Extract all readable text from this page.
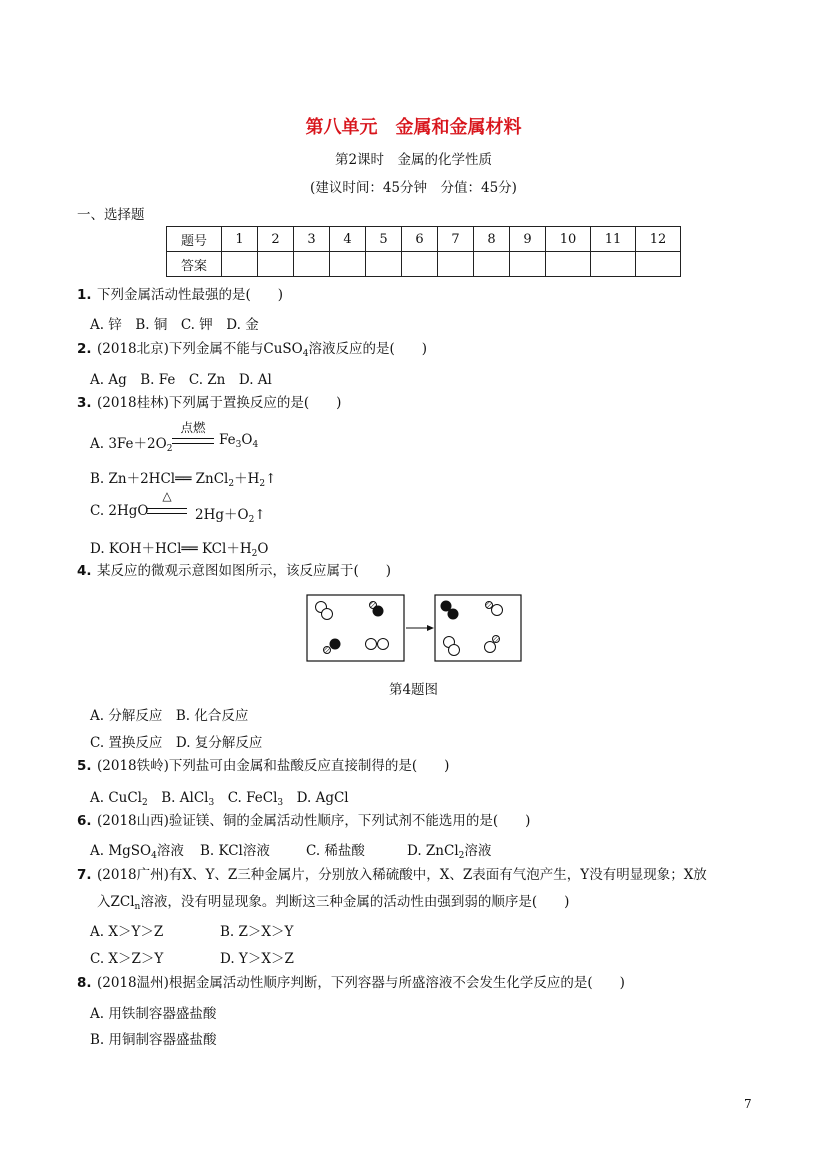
第八单元　金属和金属材料
第2课时　金属的化学性质
(建议时间：45分钟　分值：45分)
一、选择题
题号	1	2	3	4	5	6	7	8	9	10	11	12
答案												
1. 下列金属活动性最强的是(　　)
A. 锌　B. 铜　C. 钾　D. 金
2. (2018北京)下列金属不能与CuSO$_4$溶液反应的是(　　)
A. Ag　B. Fe　C. Zn　D. Al
3. (2018桂林)下列属于置换反应的是(　　)
A. $3Fe+2O_2$
点燃
$Fe_3O_4$
B. Zn＋2HCl══ $ZnCl_2+H_2↑$
C. 2HgO
△
$2Hg+O_2↑$
D. KOH＋HCl══ $KCl+H_2O$
4. 某反应的微观示意图如图所示，该反应属于(　　)
第4题图
A. 分解反应　B. 化合反应
C. 置换反应　D. 复分解反应
5. (2018铁岭)下列盐可由金属和盐酸反应直接制得的是(　　)
A. CuCl$_2$　B. AlCl$_3$　C. FeCl$_3$　D. AgCl
6. (2018山西)验证镁、铜的金属活动性顺序，下列试剂不能选用的是(　　)
A. MgSO$_4$溶液 B. KCl溶液	C. 稀盐酸	D. ZnCl$_2$溶液
7. (2018广州)有X、Y、Z三种金属片，分别放入稀硫酸中，X、Z表面有气泡产生，Y没有明显现象；X放
入ZCl$_n$溶液，没有明显现象。判断这三种金属的活动性由强到弱的顺序是(　　)
A. X＞Y＞Z	B. Z＞X＞Y
C. X＞Z＞Y	D. Y＞X＞Z
8. (2018温州)根据金属活动性顺序判断，下列容器与所盛溶液不会发生化学反应的是(　　)
A. 用铁制容器盛盐酸
B. 用铜制容器盛盐酸
7
